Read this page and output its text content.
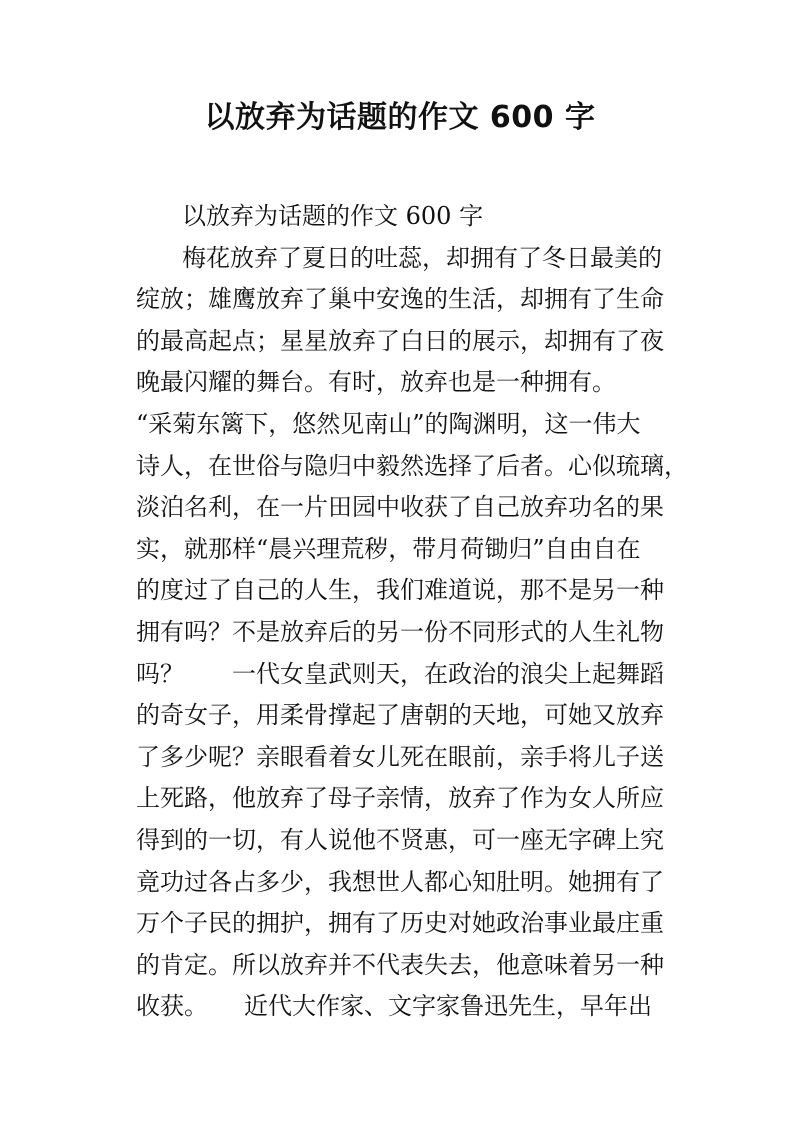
以放弃为话题的作文 600 字
以放弃为话题的作文 600 字
梅花放弃了夏日的吐蕊，却拥有了冬日最美的
绽放；雄鹰放弃了巢中安逸的生活，却拥有了生命
的最高起点；星星放弃了白日的展示，却拥有了夜
晚最闪耀的舞台。有时，放弃也是一种拥有。
“采菊东篱下，悠然见南山”的陶渊明，这一伟大
诗人，在世俗与隐归中毅然选择了后者。心似琉璃，
淡泊名利，在一片田园中收获了自己放弃功名的果
实，就那样“晨兴理荒秽，带月荷锄归”自由自在
的度过了自己的人生，我们难道说，那不是另一种
拥有吗？不是放弃后的另一份不同形式的人生礼物
吗？　　一代女皇武则天，在政治的浪尖上起舞蹈
的奇女子，用柔骨撑起了唐朝的天地，可她又放弃
了多少呢？亲眼看着女儿死在眼前，亲手将儿子送
上死路，他放弃了母子亲情，放弃了作为女人所应
得到的一切，有人说他不贤惠，可一座无字碑上究
竟功过各占多少，我想世人都心知肚明。她拥有了
万个子民的拥护，拥有了历史对她政治事业最庄重
的肯定。所以放弃并不代表失去，他意味着另一种
收获。　　近代大作家、文字家鲁迅先生，早年出
